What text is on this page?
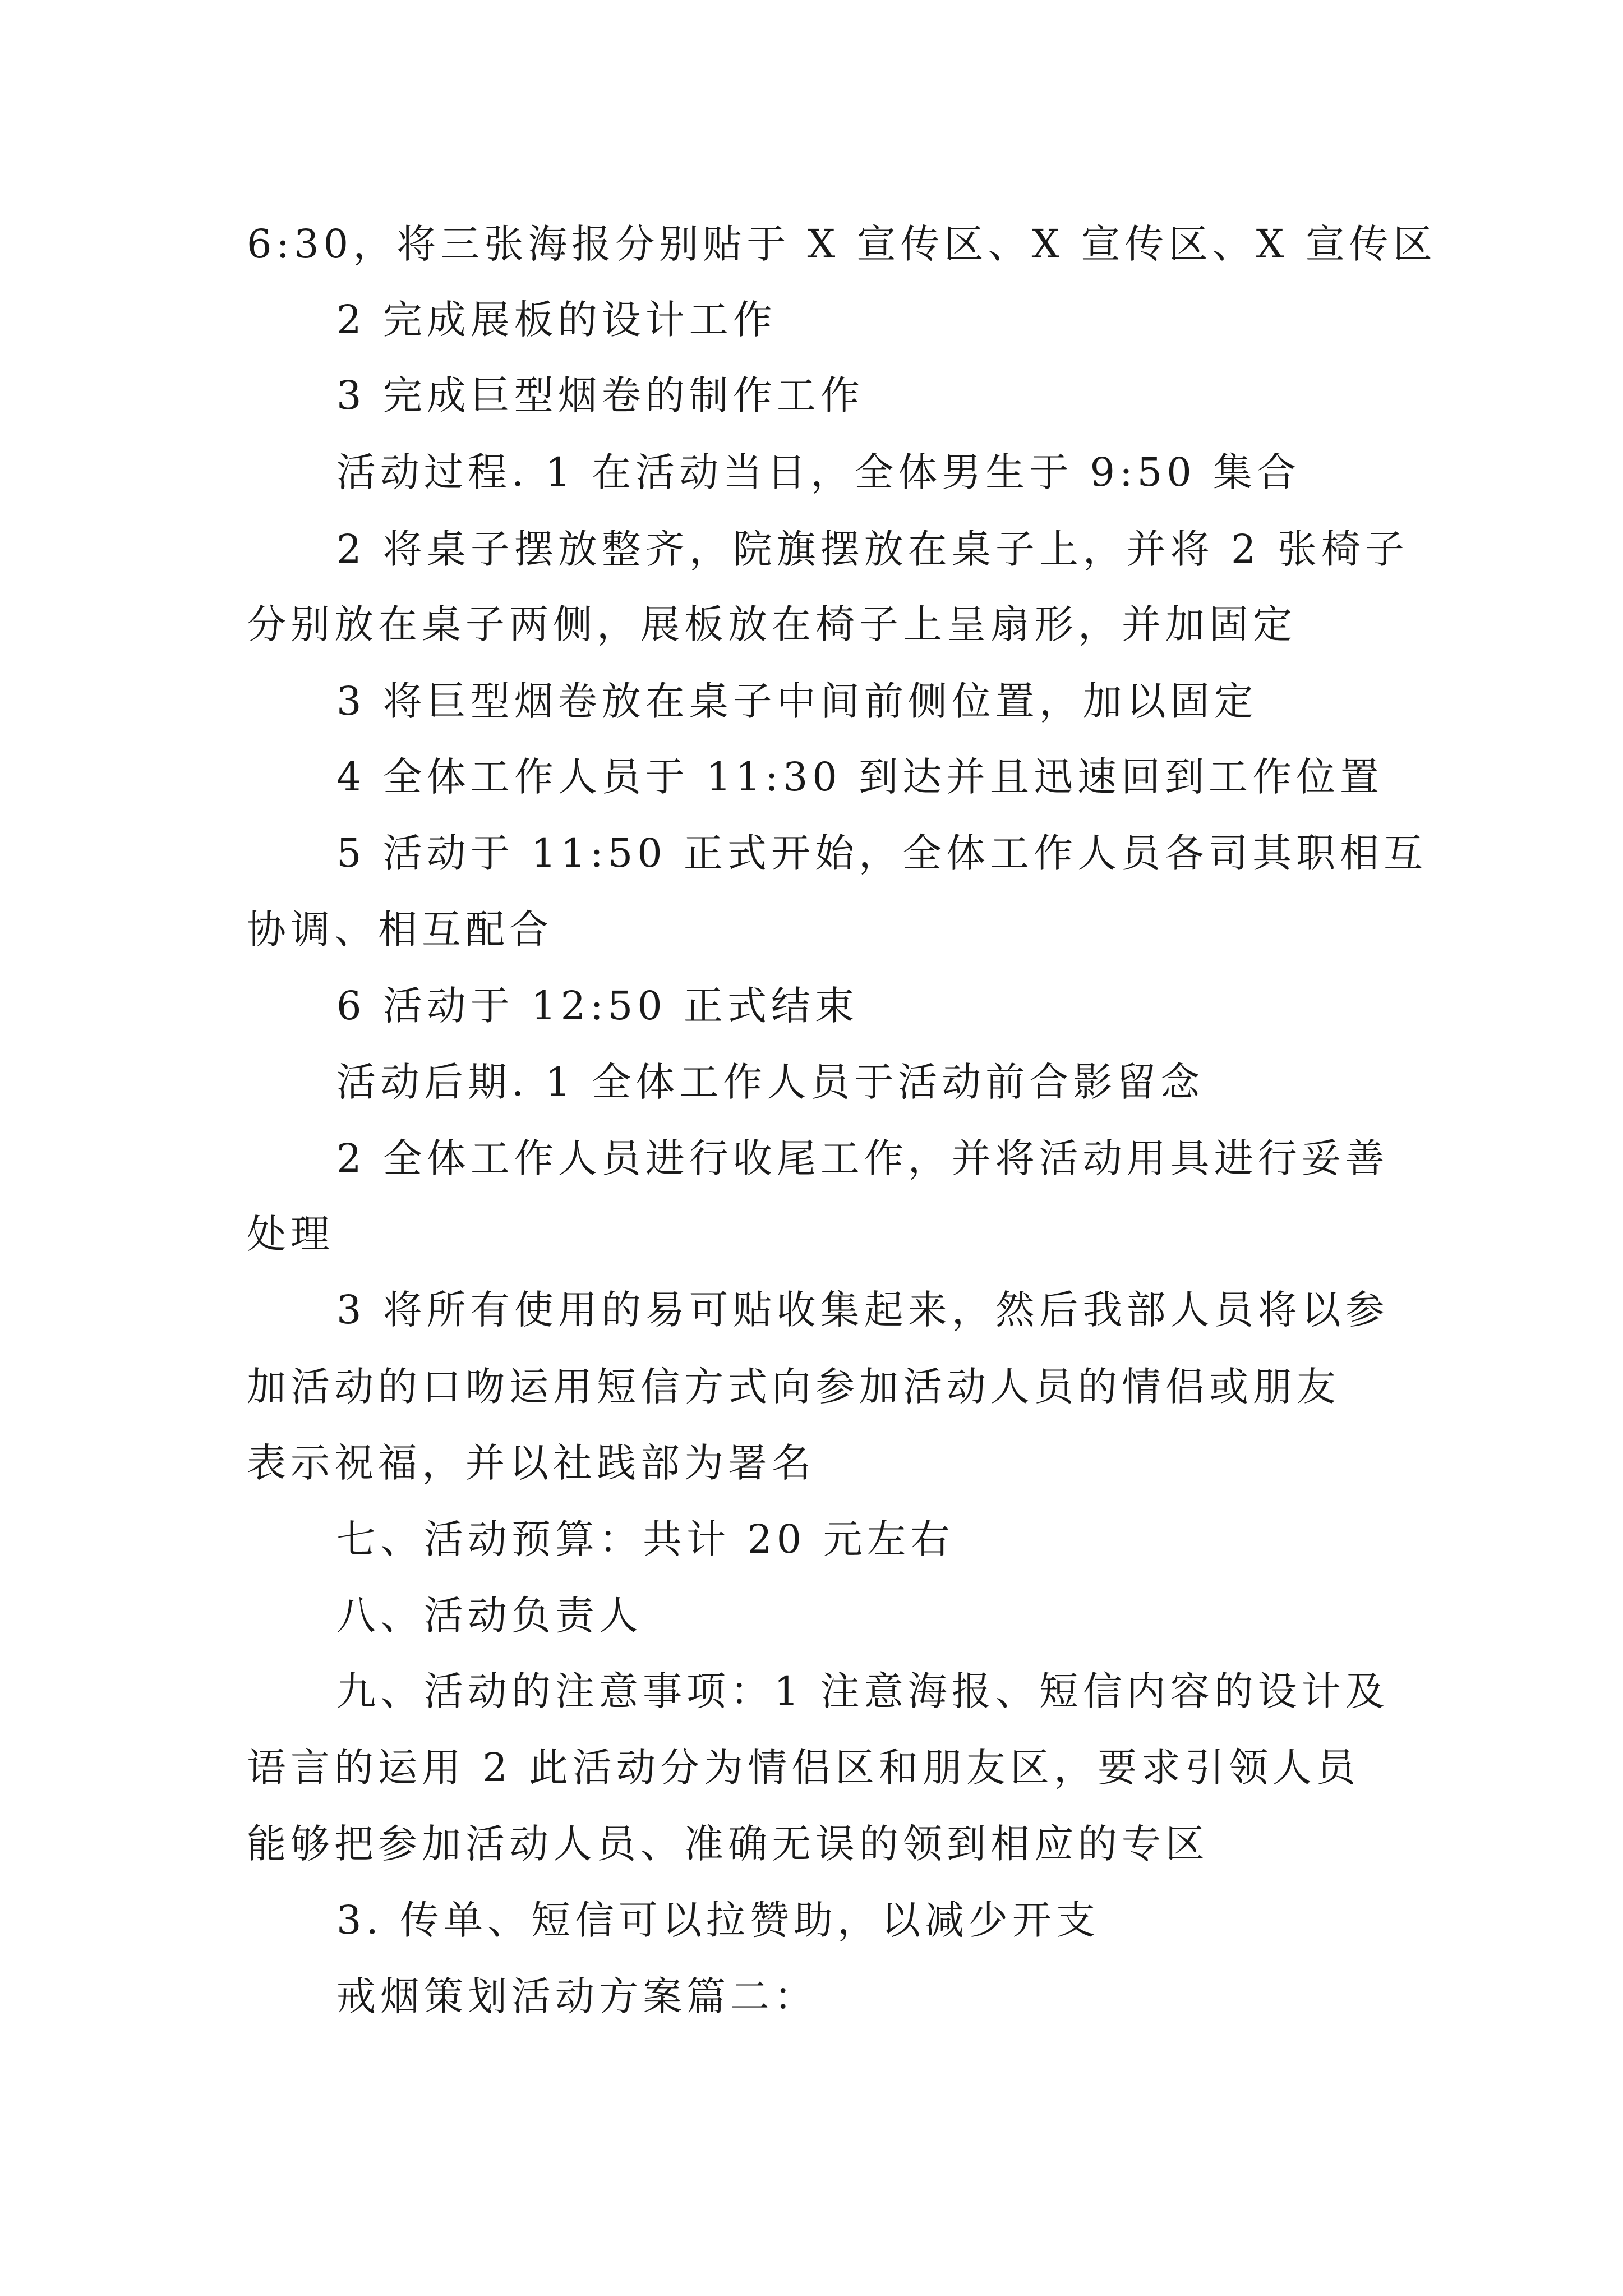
6:30，将三张海报分别贴于 X 宣传区、X 宣传区、X 宣传区
2 完成展板的设计工作
3 完成巨型烟卷的制作工作
活动过程. 1 在活动当日，全体男生于 9:50 集合
2 将桌子摆放整齐，院旗摆放在桌子上，并将 2 张椅子
分别放在桌子两侧，展板放在椅子上呈扇形，并加固定
3 将巨型烟卷放在桌子中间前侧位置，加以固定
4 全体工作人员于 11:30 到达并且迅速回到工作位置
5 活动于 11:50 正式开始，全体工作人员各司其职相互
协调、相互配合
6 活动于 12:50 正式结束
活动后期. 1 全体工作人员于活动前合影留念
2 全体工作人员进行收尾工作，并将活动用具进行妥善
处理
3 将所有使用的易可贴收集起来，然后我部人员将以参
加活动的口吻运用短信方式向参加活动人员的情侣或朋友
表示祝福，并以社践部为署名
七、活动预算：共计 20 元左右
八、活动负责人
九、活动的注意事项：1 注意海报、短信内容的设计及
语言的运用 2 此活动分为情侣区和朋友区，要求引领人员
能够把参加活动人员、准确无误的领到相应的专区
3. 传单、短信可以拉赞助，以减少开支
戒烟策划活动方案篇二：
